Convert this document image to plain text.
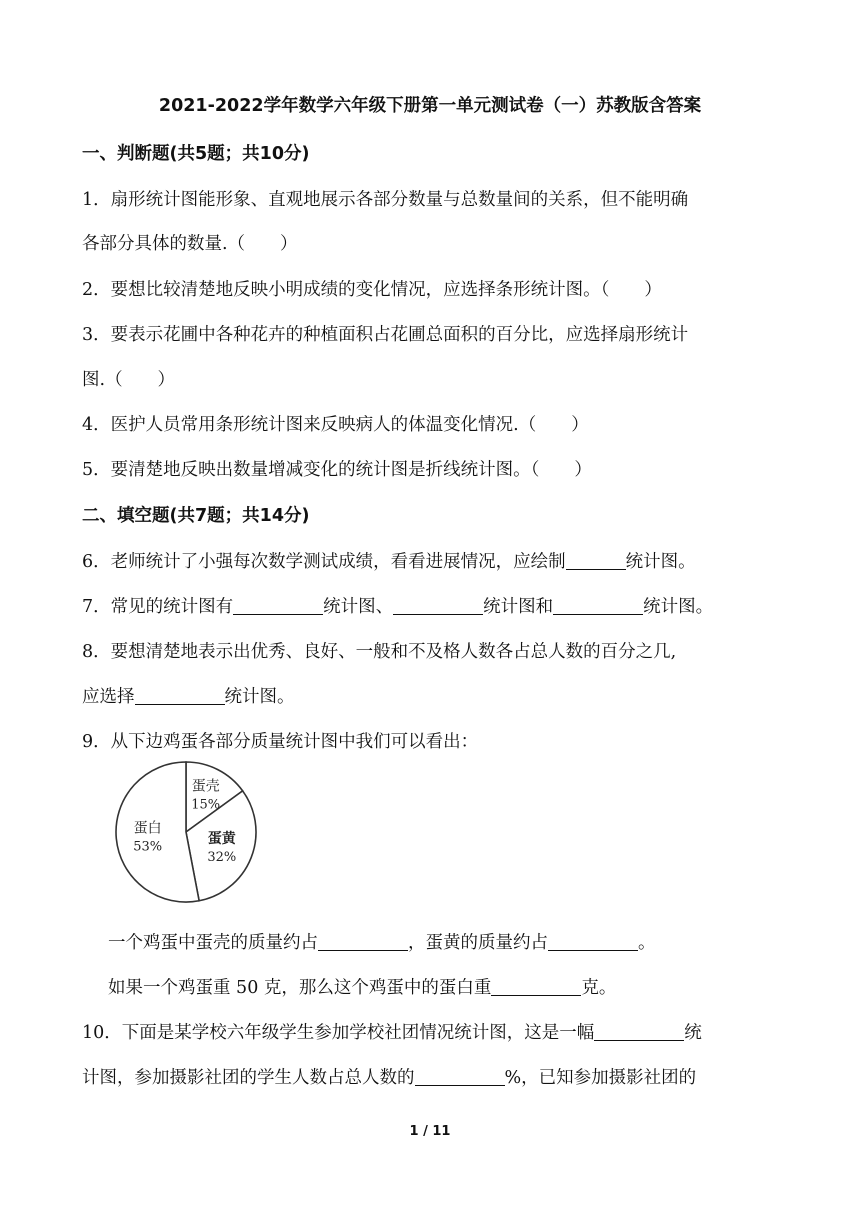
2021-2022学年数学六年级下册第一单元测试卷（一）苏教版含答案
一、判断题(共5题；共10分)
1．扇形统计图能形象、直观地展示各部分数量与总数量间的关系，但不能明确
各部分具体的数量.（　　）
2．要想比较清楚地反映小明成绩的变化情况，应选择条形统计图。（　　）
3．要表示花圃中各种花卉的种植面积占花圃总面积的百分比，应选择扇形统计
图.（　　）
4．医护人员常用条形统计图来反映病人的体温变化情况.（　　）
5．要清楚地反映出数量增减变化的统计图是折线统计图。（　　）
二、填空题(共7题；共14分)
6．老师统计了小强每次数学测试成绩，看看进展情况，应绘制	统计图。
7．常见的统计图有	统计图、	统计图和	统计图。
8．要想清楚地表示出优秀、良好、一般和不及格人数各占总人数的百分之几,
应选择	统计图。
9．从下边鸡蛋各部分质量统计图中我们可以看出：
蛋壳
15%
蛋黄
32%
蛋白
53%
一个鸡蛋中蛋壳的质量约占	，蛋黄的质量约占	。
如果一个鸡蛋重 50 克，那么这个鸡蛋中的蛋白重	克。
10．下面是某学校六年级学生参加学校社团情况统计图，这是一幅	统
计图，参加摄影社团的学生人数占总人数的	%，已知参加摄影社团的
1 / 11
